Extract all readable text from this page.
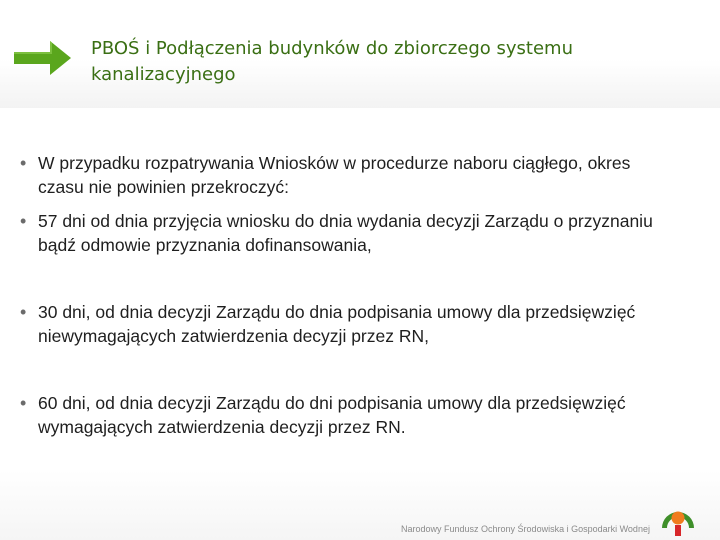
PBOŚ i Podłączenia budynków do zbiorczego systemu kanalizacyjnego
• W przypadku rozpatrywania Wniosków w procedurze naboru ciągłego, okres czasu nie powinien przekroczyć:
• 57 dni od dnia przyjęcia wniosku do dnia wydania decyzji Zarządu o przyznaniu bądź odmowie przyznania dofinansowania,
• 30 dni, od dnia decyzji Zarządu do dnia podpisania umowy dla przedsięwzięć niewymagających zatwierdzenia decyzji przez RN,
• 60 dni, od dnia decyzji Zarządu do dni podpisania umowy dla przedsięwzięć wymagających zatwierdzenia decyzji przez RN.
Narodowy Fundusz Ochrony Środowiska i Gospodarki Wodnej
